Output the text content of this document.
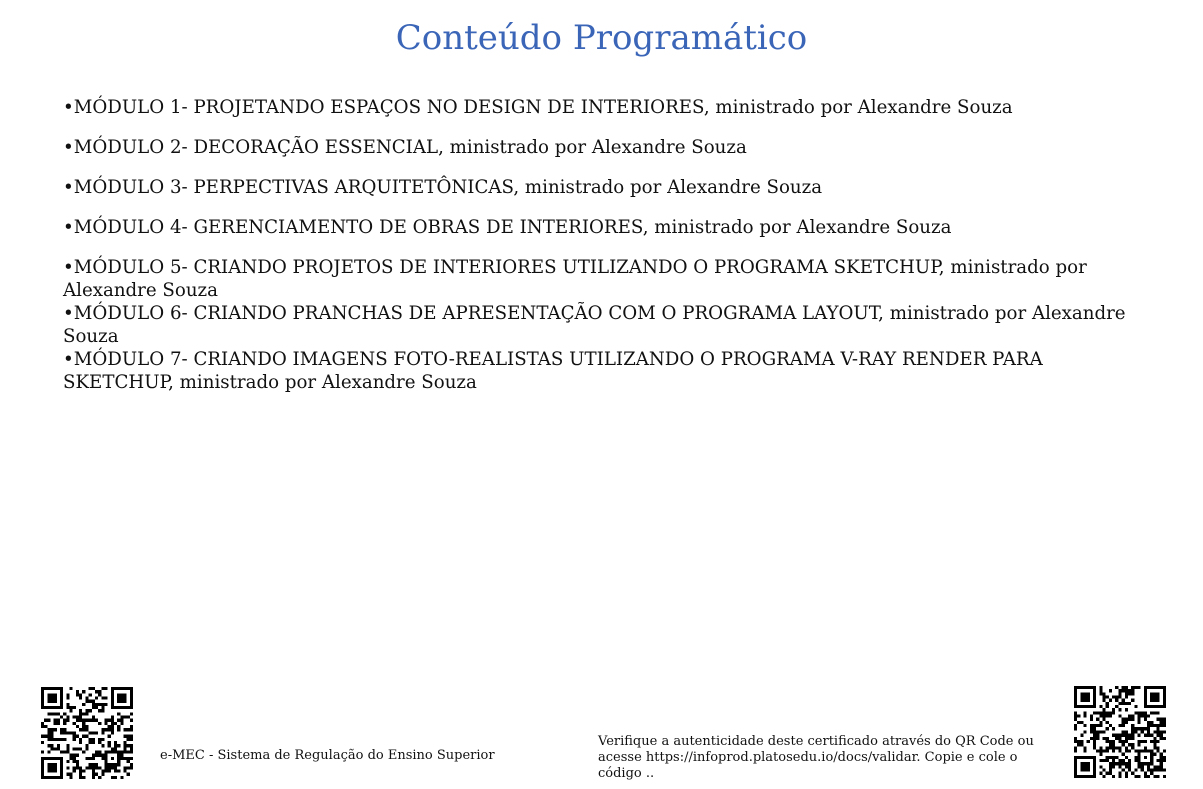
Conteúdo Programático

•MÓDULO 1- PROJETANDO ESPAÇOS NO DESIGN DE INTERIORES, ministrado por Alexandre Souza

•MÓDULO 2- DECORAÇÃO ESSENCIAL, ministrado por Alexandre Souza

•MÓDULO 3- PERPECTIVAS ARQUITETÔNICAS, ministrado por Alexandre Souza

•MÓDULO 4- GERENCIAMENTO DE OBRAS DE INTERIORES, ministrado por Alexandre Souza

•MÓDULO 5- CRIANDO PROJETOS DE INTERIORES UTILIZANDO O PROGRAMA SKETCHUP, ministrado por Alexandre Souza

•MÓDULO 6- CRIANDO PRANCHAS DE APRESENTAÇÃO COM O PROGRAMA LAYOUT, ministrado por Alexandre Souza

•MÓDULO 7- CRIANDO IMAGENS FOTO-REALISTAS UTILIZANDO O PROGRAMA V-RAY RENDER PARA SKETCHUP, ministrado por Alexandre Souza

e-MEC - Sistema de Regulação do Ensino Superior
Verifique a autenticidade deste certificado através do QR Code ou acesse https://infoprod.platosedu.io/docs/validar. Copie e cole o código ..
